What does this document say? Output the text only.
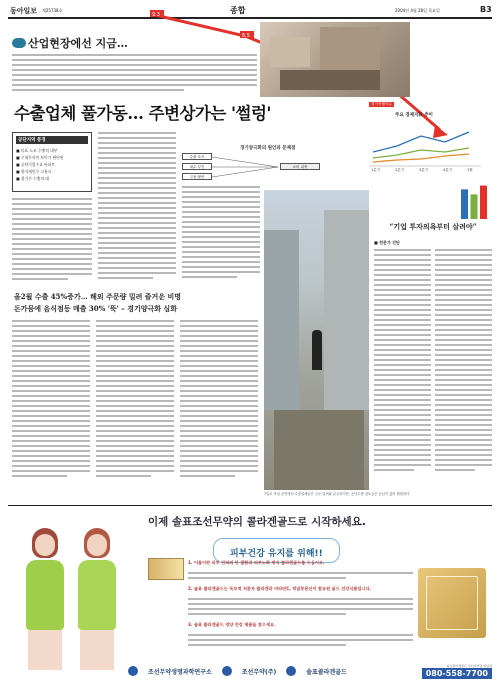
동아일보 제25738호	종합	2004년 4월 28일 목요일	B3
9.3
6.5
산업현장에선 지금…
수출업체 풀가동… 주변상가는 '썰렁'	경기선행지수
주요 경제지표 추이
1분기	2분기	3분기	4분기	1월
공단지역 풍경
■ 목표 노조 수출의 대부
■ 수내투자의 보이기 판단된
■ 공단기업수요 아파트
■ 원자재인수 고용크
■ 경기주 수출의 대
경기양극화의 원인과 문제점
수출 호조
내수 부진
고용 불안
소비 위축
올2월 수출 45%증가… 해외 주문량 밀려 즐거운 비명
돈가뭄에 음식점등 매출 30% '뚝' – 경기양극화 심화
7일로 조성 공단에서 수출업체들은 주문 밀려와 분주하지만, 공단주변 점포들은 손님이 없어 썰렁하다.
“기업 투자의욕부터 살려야”
■ 전문가 진단
이제 솔표조선무약의 콜라겐골드로 시작하세요.
피부건강 유지를 위해!!
1. 이물이란 피부 진피의 단 결합과 피부노화 방지 콜라겐골드를 드십시오.
2. 솔표 콜라겐골드는 독보적 저분자 콜라겐과 비타민C, 히알루론산이 함유된 골드 건강식품입니다.
3. 솔표 콜라겐골드 영양 건강 제품을 찾으세요.
조선무약생명과학연구소	조선무약(주)	솔표콜라겐골드
솔표콜라겐골드 수신자부담 상담실
080-558-7700
